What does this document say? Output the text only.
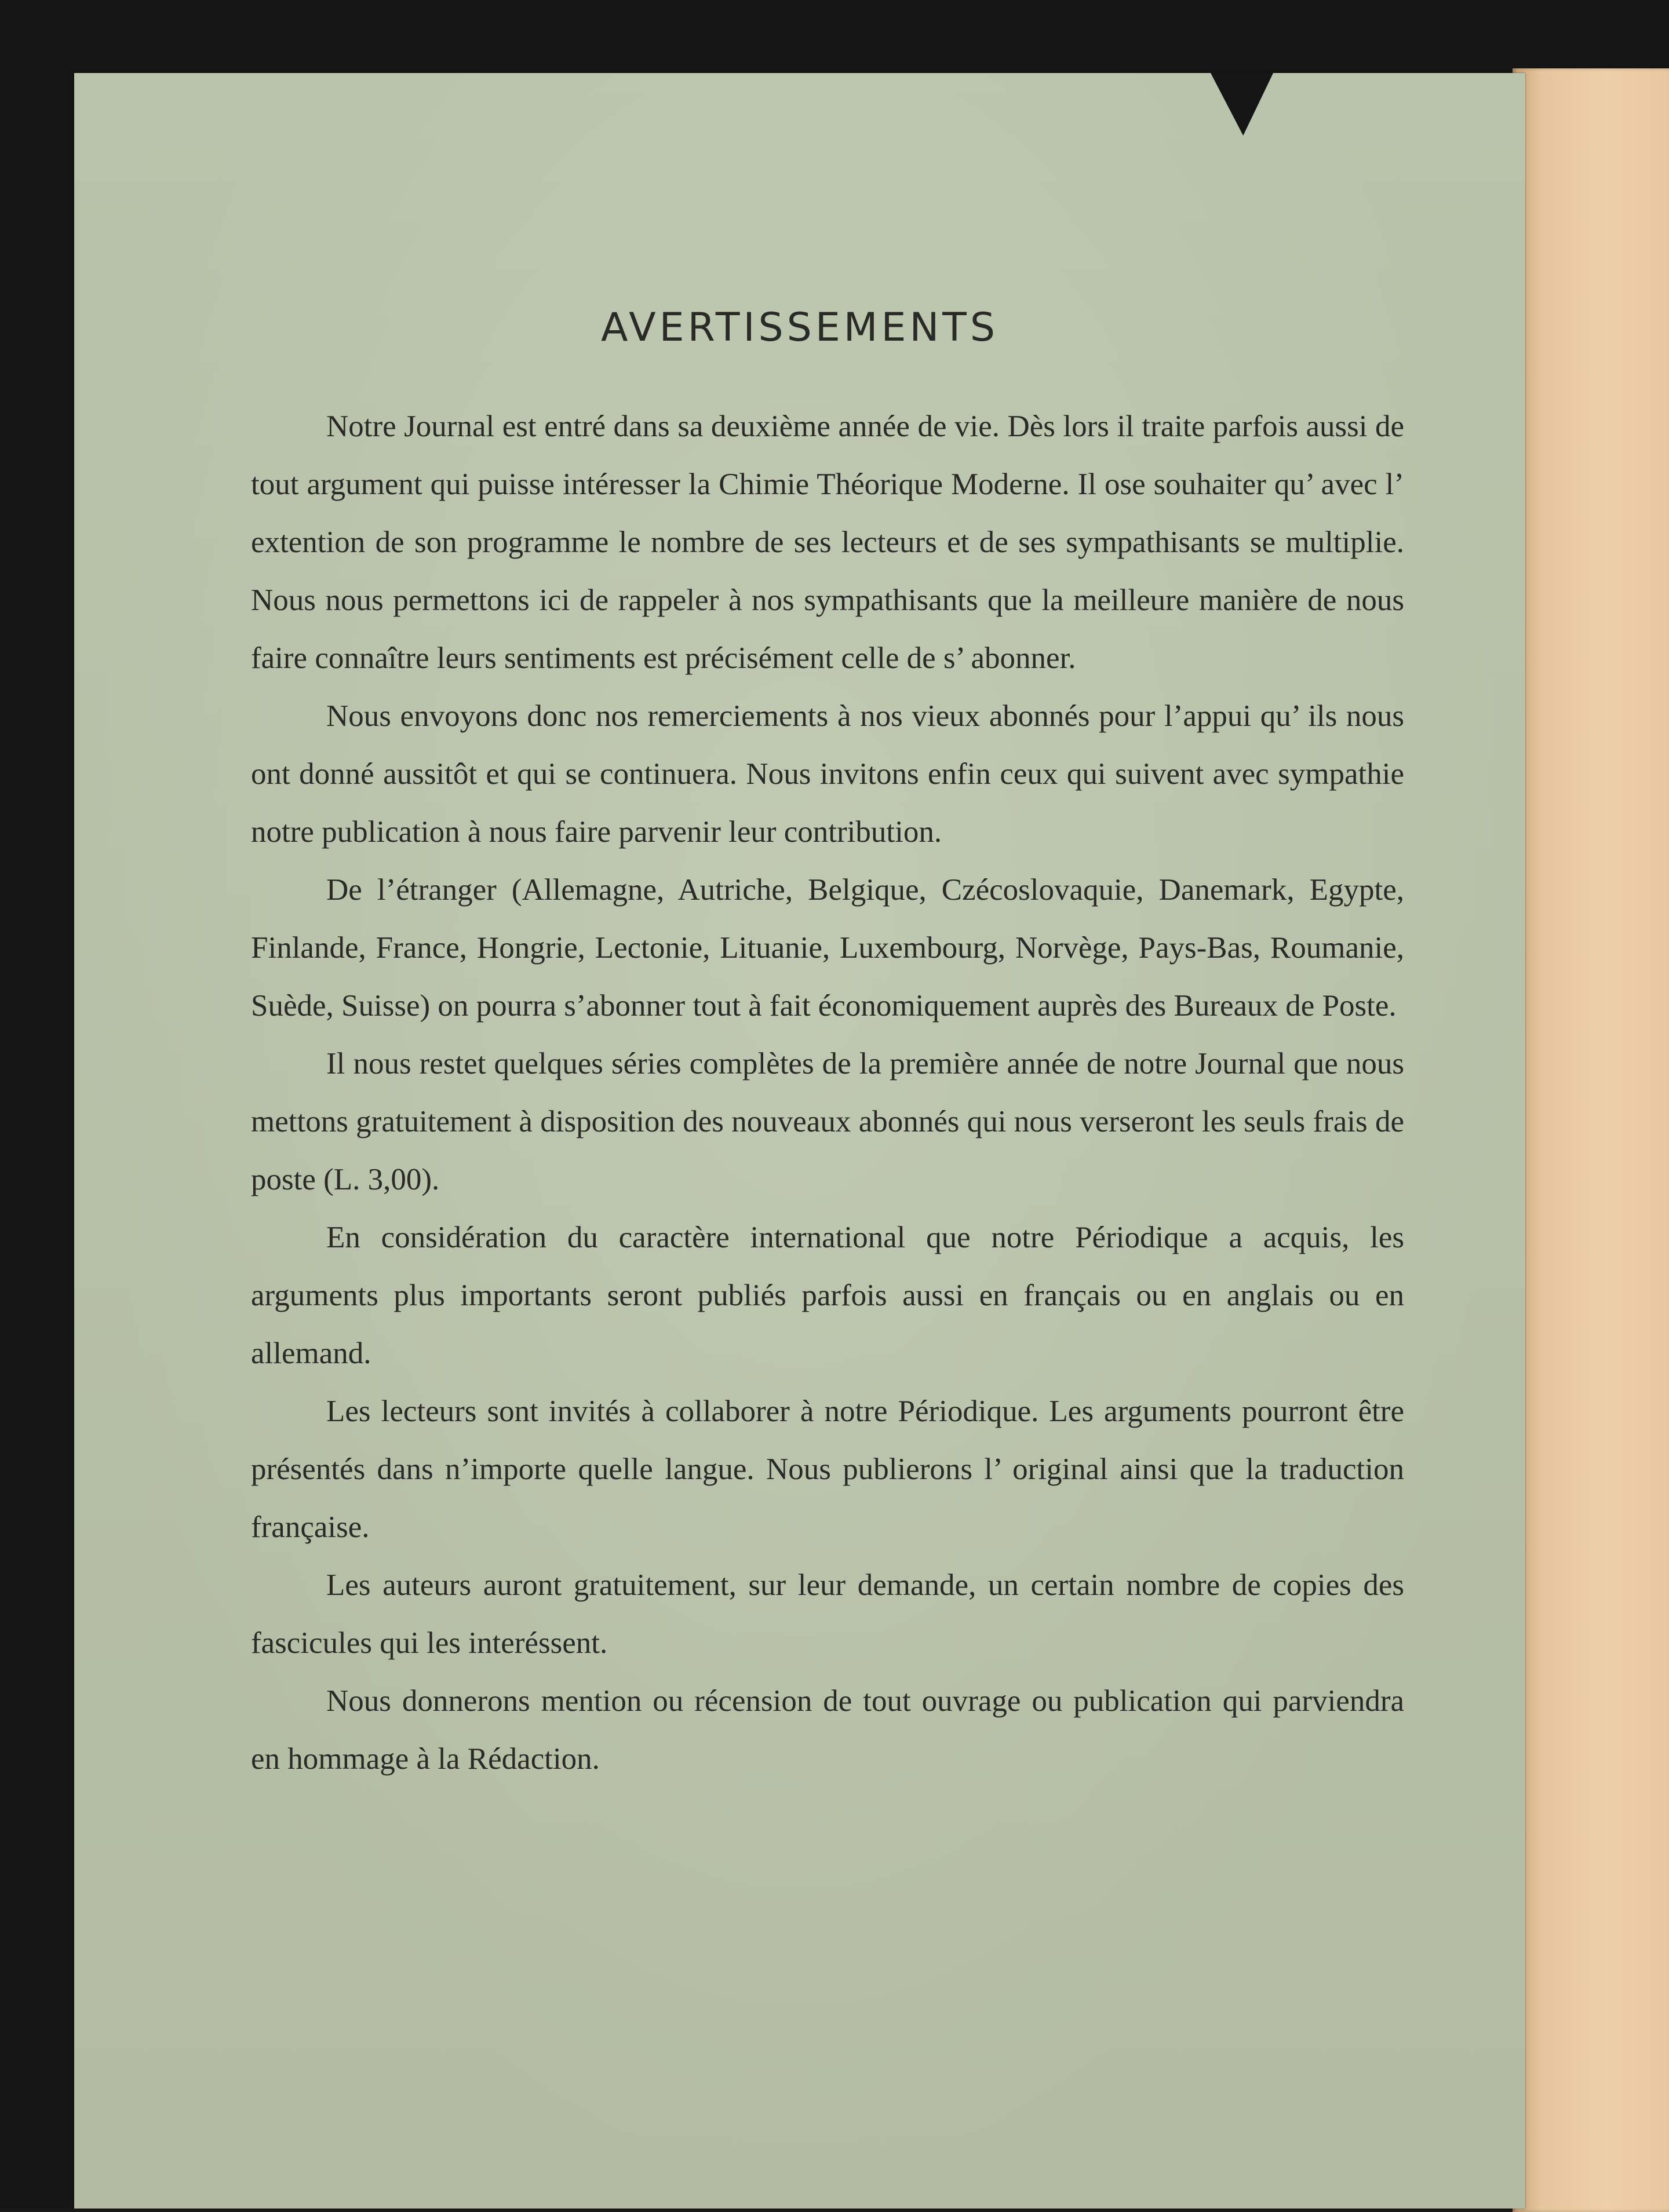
AVERTISSEMENTS

Notre Journal est entré dans sa deuxième année de vie. Dès lors il traite parfois aussi de tout argument qui puisse intéresser la Chimie Théorique Moderne. Il ose souhaiter qu’ avec l’ extention de son programme le nombre de ses lecteurs et de ses sympathisants se multiplie. Nous nous permettons ici de rappeler à nos sympathisants que la meilleure manière de nous faire connaître leurs sentiments est précisément celle de s’ abonner.

Nous envoyons donc nos remerciements à nos vieux abonnés pour l’appui qu’ ils nous ont donné aussitôt et qui se continuera. Nous invitons enfin ceux qui suivent avec sympathie notre publication à nous faire parvenir leur contribution.

De l’étranger (Allemagne, Autriche, Belgique, Czécoslovaquie, Danemark, Egypte, Finlande, France, Hongrie, Lectonie, Lituanie, Luxembourg, Norvège, Pays-Bas, Roumanie, Suède, Suisse) on pourra s’abonner tout à fait économiquement auprès des Bureaux de Poste.

Il nous restet quelques séries complètes de la première année de notre Journal que nous mettons gratuitement à disposition des nouveaux abonnés qui nous verseront les seuls frais de poste (L. 3,00).

En considération du caractère international que notre Périodique a acquis, les arguments plus importants seront publiés parfois aussi en français ou en anglais ou en allemand.

Les lecteurs sont invités à collaborer à notre Périodique. Les arguments pourront être présentés dans n’importe quelle langue. Nous publierons l’ original ainsi que la traduction française.

Les auteurs auront gratuitement, sur leur demande, un certain nombre de copies des fascicules qui les interéssent.

Nous donnerons mention ou récension de tout ouvrage ou publication qui parviendra en hommage à la Rédaction.
